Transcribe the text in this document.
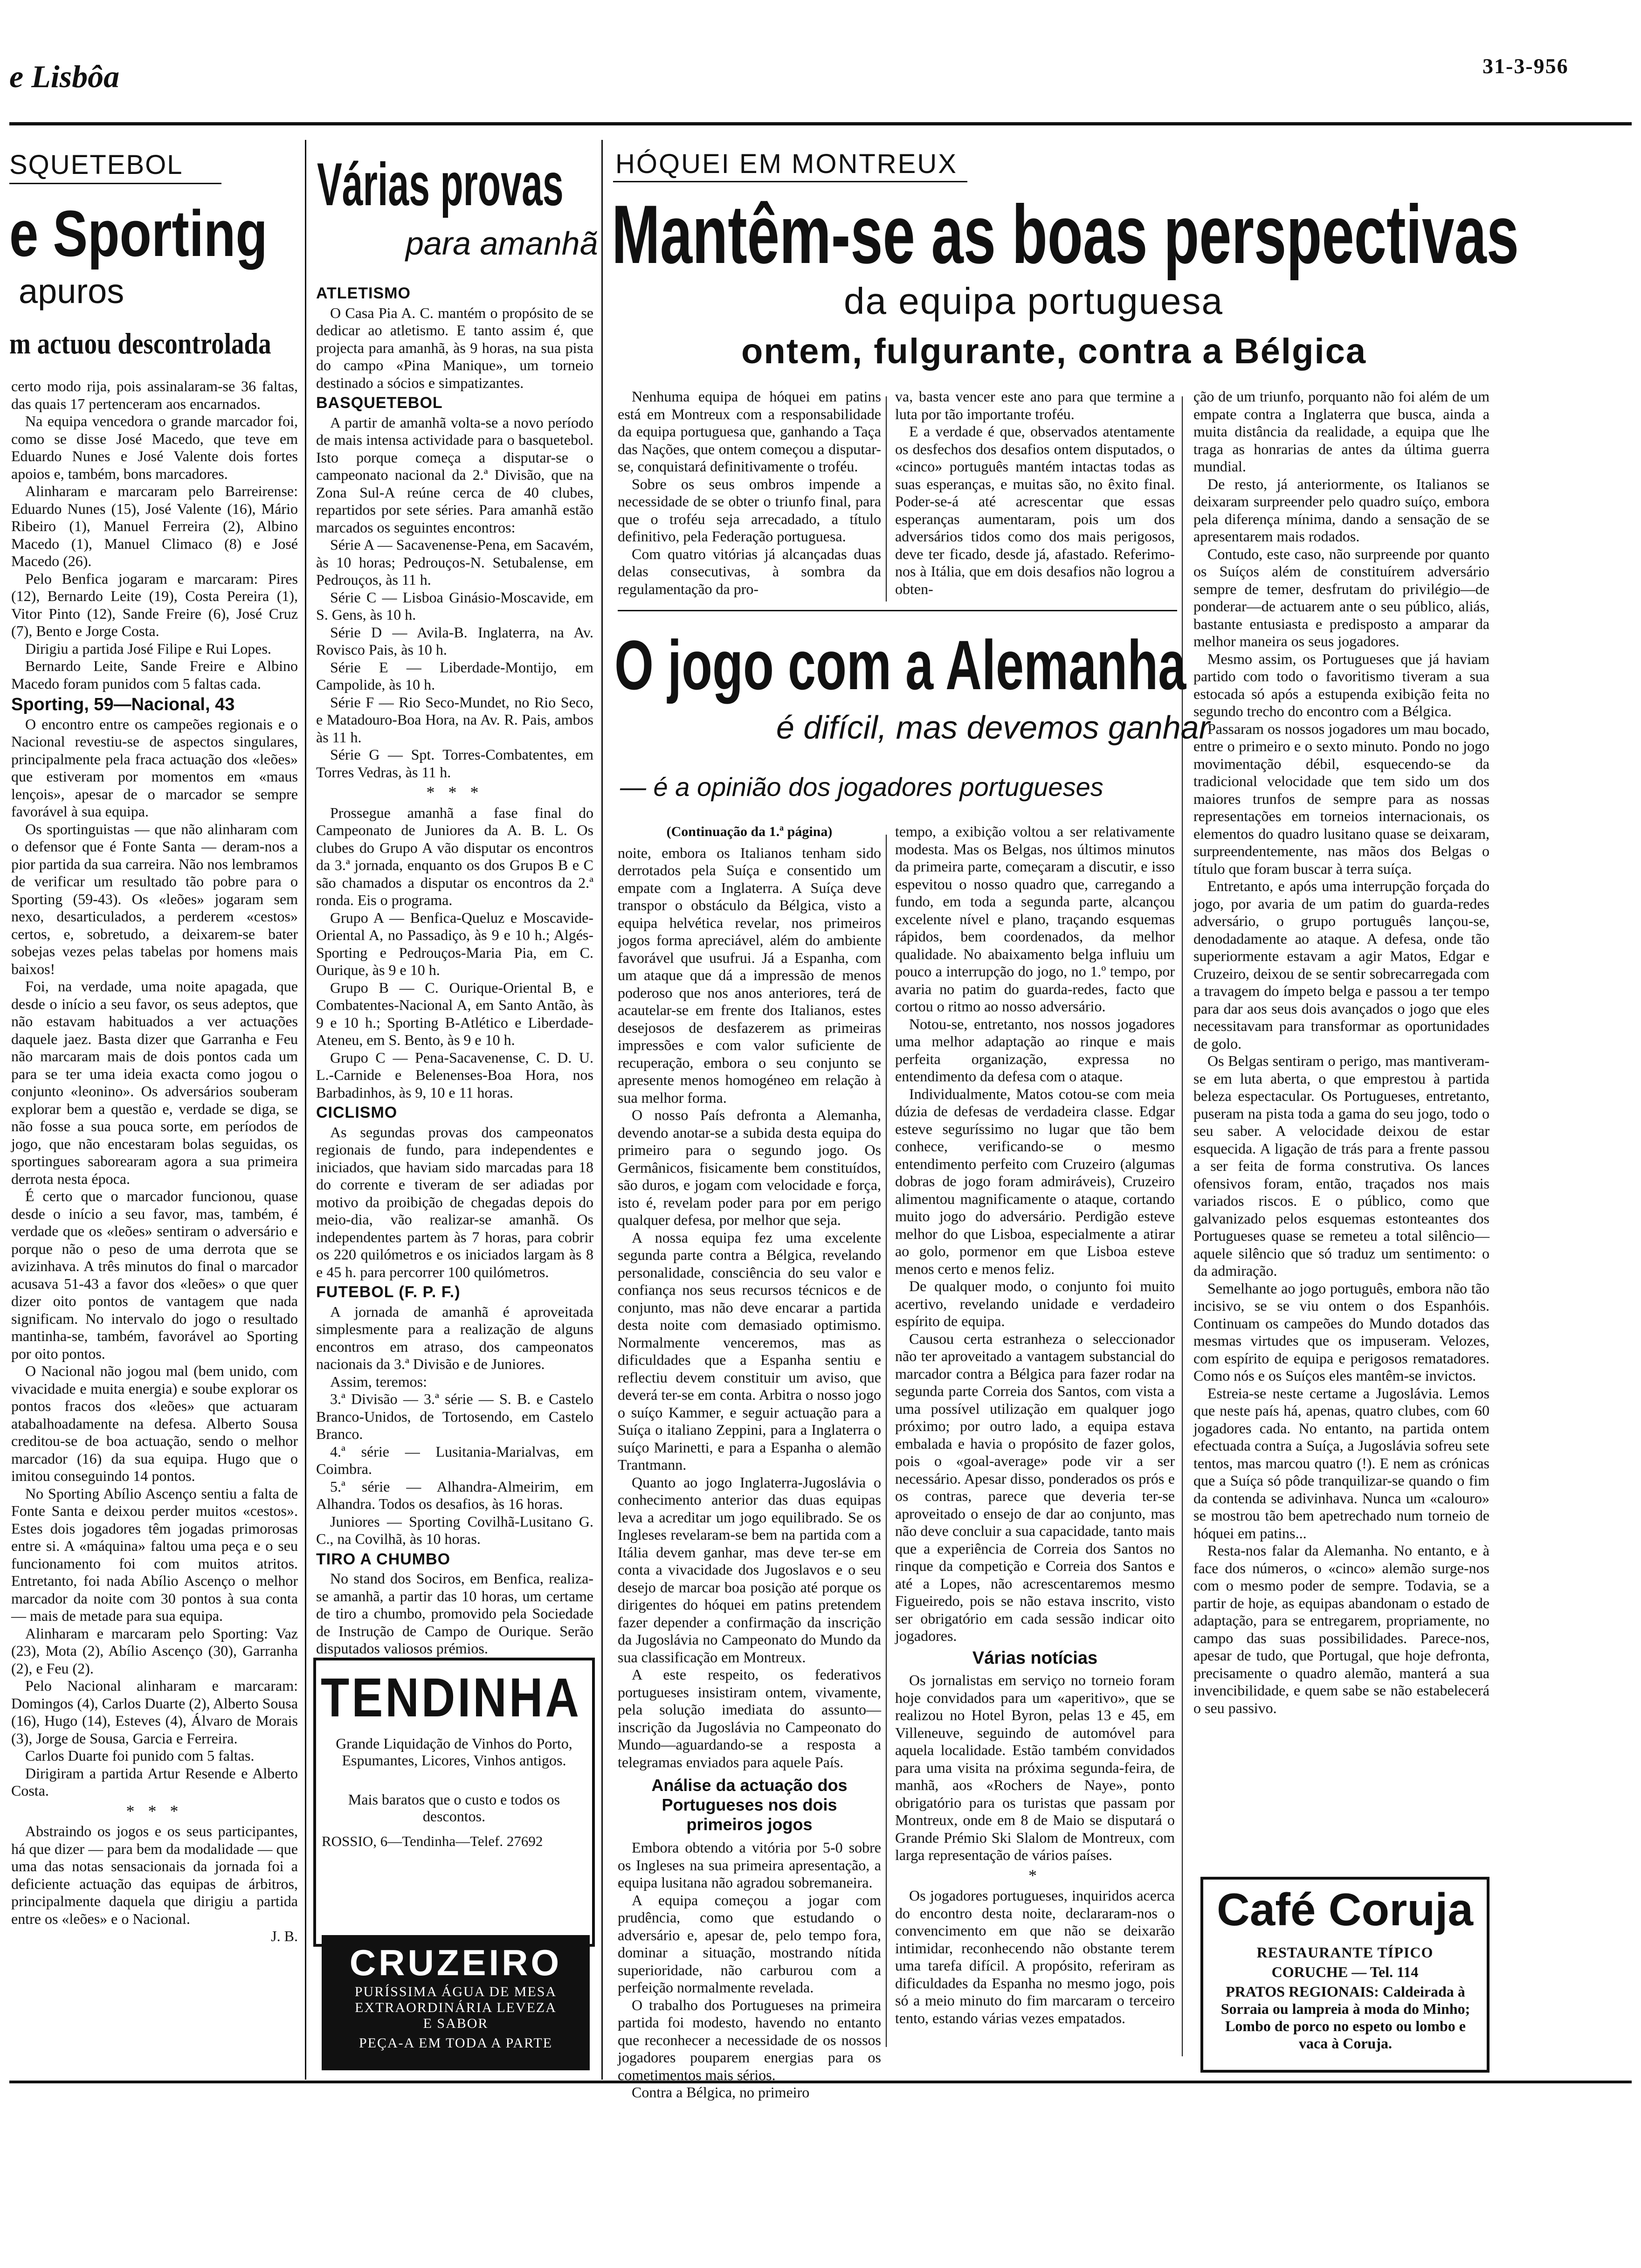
e Lisbôa	31-3-956
SQUETEBOL
e Sporting
apuros
m actuou descontrolada

certo modo rija, pois assinalaram-se 36 faltas, das quais 17 pertenceram aos encarnados.

Na equipa vencedora o grande marcador foi, como se disse José Macedo, que teve em Eduardo Nunes e José Valente dois fortes apoios e, também, bons marcadores.

Alinharam e marcaram pelo Barreirense: Eduardo Nunes (15), José Valente (16), Mário Ribeiro (1), Manuel Ferreira (2), Albino Macedo (1), Manuel Climaco (8) e José Macedo (26).

Pelo Benfica jogaram e marcaram: Pires (12), Bernardo Leite (19), Costa Pereira (1), Vitor Pinto (12), Sande Freire (6), José Cruz (7), Bento e Jorge Costa.

Dirigiu a partida José Filipe e Rui Lopes.

Bernardo Leite, Sande Freire e Albino Macedo foram punidos com 5 faltas cada.

Sporting, 59—Nacional, 43

O encontro entre os campeões regionais e o Nacional revestiu-se de aspectos singulares, principalmente pela fraca actuação dos «leões» que estiveram por momentos em «maus lençois», apesar de o marcador se sempre favorável à sua equipa.

Os sportinguistas — que não alinharam com o defensor que é Fonte Santa — deram-nos a pior partida da sua carreira. Não nos lembramos de verificar um resultado tão pobre para o Sporting (59-43). Os «leões» jogaram sem nexo, desarticulados, a perderem «cestos» certos, e, sobretudo, a deixarem-se bater sobejas vezes pelas tabelas por homens mais baixos!

Foi, na verdade, uma noite apagada, que desde o início a seu favor, os seus adeptos, que não estavam habituados a ver actuações daquele jaez. Basta dizer que Garranha e Feu não marcaram mais de dois pontos cada um para se ter uma ideia exacta como jogou o conjunto «leonino». Os adversários souberam explorar bem a questão e, verdade se diga, se não fosse a sua pouca sorte, em períodos de jogo, que não encestaram bolas seguidas, os sportingues saborearam agora a sua primeira derrota nesta época.

É certo que o marcador funcionou, quase desde o início a seu favor, mas, também, é verdade que os «leões» sentiram o adversário e porque não o peso de uma derrota que se avizinhava. A três minutos do final o marcador acusava 51-43 a favor dos «leões» o que quer dizer oito pontos de vantagem que nada significam. No intervalo do jogo o resultado mantinha-se, também, favorável ao Sporting por oito pontos.

O Nacional não jogou mal (bem unido, com vivacidade e muita energia) e soube explorar os pontos fracos dos «leões» que actuaram atabalhoadamente na defesa. Alberto Sousa creditou-se de boa actuação, sendo o melhor marcador (16) da sua equipa. Hugo que o imitou conseguindo 14 pontos.

No Sporting Abílio Ascenço sentiu a falta de Fonte Santa e deixou perder muitos «cestos». Estes dois jogadores têm jogadas primorosas entre si. A «máquina» faltou uma peça e o seu funcionamento foi com muitos atritos. Entretanto, foi nada Abílio Ascenço o melhor marcador da noite com 30 pontos à sua conta — mais de metade para sua equipa.

Alinharam e marcaram pelo Sporting: Vaz (23), Mota (2), Abílio Ascenço (30), Garranha (2), e Feu (2).

Pelo Nacional alinharam e marcaram: Domingos (4), Carlos Duarte (2), Alberto Sousa (16), Hugo (14), Esteves (4), Álvaro de Morais (3), Jorge de Sousa, Garcia e Ferreira.

Carlos Duarte foi punido com 5 faltas.

Dirigiram a partida Artur Resende e Alberto Costa.

* * *

Abstraindo os jogos e os seus participantes, há que dizer — para bem da modalidade — que uma das notas sensacionais da jornada foi a deficiente actuação das equipas de árbitros, principalmente daquela que dirigiu a partida entre os «leões» e o Nacional.

J. B.
Várias provas
para amanhã
ATLETISMO

O Casa Pia A. C. mantém o propósito de se dedicar ao atletismo. E tanto assim é, que projecta para amanhã, às 9 horas, na sua pista do campo «Pina Manique», um torneio destinado a sócios e simpatizantes.

BASQUETEBOL

A partir de amanhã volta-se a novo período de mais intensa actividade para o basquetebol. Isto porque começa a disputar-se o campeonato nacional da 2.ª Divisão, que na Zona Sul-A reúne cerca de 40 clubes, repartidos por sete séries. Para amanhã estão marcados os seguintes encontros:

Série A — Sacavenense-Pena, em Sacavém, às 10 horas; Pedrouços-N. Setubalense, em Pedrouços, às 11 h.

Série C — Lisboa Ginásio-Moscavide, em S. Gens, às 10 h.

Série D — Avila-B. Inglaterra, na Av. Rovisco Pais, às 10 h.

Série E — Liberdade-Montijo, em Campolide, às 10 h.

Série F — Rio Seco-Mundet, no Rio Seco, e Matadouro-Boa Hora, na Av. R. Pais, ambos às 11 h.

Série G — Spt. Torres-Combatentes, em Torres Vedras, às 11 h.

* * *

Prossegue amanhã a fase final do Campeonato de Juniores da A. B. L. Os clubes do Grupo A vão disputar os encontros da 3.ª jornada, enquanto os dos Grupos B e C são chamados a disputar os encontros da 2.ª ronda. Eis o programa.

Grupo A — Benfica-Queluz e Moscavide-Oriental A, no Passadiço, às 9 e 10 h.; Algés-Sporting e Pedrouços-Maria Pia, em C. Ourique, às 9 e 10 h.

Grupo B — C. Ourique-Oriental B, e Combatentes-Nacional A, em Santo Antão, às 9 e 10 h.; Sporting B-Atlético e Liberdade-Ateneu, em S. Bento, às 9 e 10 h.

Grupo C — Pena-Sacavenense, C. D. U. L.-Carnide e Belenenses-Boa Hora, nos Barbadinhos, às 9, 10 e 11 horas.

CICLISMO

As segundas provas dos campeonatos regionais de fundo, para independentes e iniciados, que haviam sido marcadas para 18 do corrente e tiveram de ser adiadas por motivo da proibição de chegadas depois do meio-dia, vão realizar-se amanhã. Os independentes partem às 7 horas, para cobrir os 220 quilómetros e os iniciados largam às 8 e 45 h. para percorrer 100 quilómetros.

FUTEBOL (F. P. F.)

A jornada de amanhã é aproveitada simplesmente para a realização de alguns encontros em atraso, dos campeonatos nacionais da 3.ª Divisão e de Juniores.

Assim, teremos:

3.ª Divisão — 3.ª série — S. B. e Castelo Branco-Unidos, de Tortosendo, em Castelo Branco.

4.ª série — Lusitania-Marialvas, em Coimbra.

5.ª série — Alhandra-Almeirim, em Alhandra. Todos os desafios, às 16 horas.

Juniores — Sporting Covilhã-Lusitano G. C., na Covilhã, às 10 horas.

TIRO A CHUMBO

No stand dos Sociros, em Benfica, realiza-se amanhã, a partir das 10 horas, um certame de tiro a chumbo, promovido pela Sociedade de Instrução de Campo de Ourique. Serão disputados valiosos prémios.

TENDINHA
Grande Liquidação de Vinhos do Porto, Espumantes, Licores, Vinhos antigos.
Mais baratos que o custo e todos os descontos.
ROSSIO, 6—Tendinha—Telef. 27692
CRUZEIRO
PURÍSSIMA ÁGUA DE MESA
EXTRAORDINÁRIA LEVEZA
E SABOR
PEÇA-A EM TODA A PARTE
HÓQUEI EM MONTREUX
Mantêm-se as boas perspectivas
da equipa portuguesa
ontem, fulgurante, contra a Bélgica

Nenhuma equipa de hóquei em patins está em Montreux com a responsabilidade da equipa portuguesa que, ganhando a Taça das Nações, que ontem começou a disputar-se, conquistará definitivamente o troféu.

Sobre os seus ombros impende a necessidade de se obter o triunfo final, para que o troféu seja arrecadado, a título definitivo, pela Federação portuguesa.

Com quatro vitórias já alcançadas duas delas consecutivas, à sombra da regulamentação da pro-

va, basta vencer este ano para que termine a luta por tão importante troféu.

E a verdade é que, observados atentamente os desfechos dos desafios ontem disputados, o «cinco» português mantém intactas todas as suas esperanças, e muitas são, no êxito final. Poder-se-á até acrescentar que essas esperanças aumentaram, pois um dos adversários tidos como dos mais perigosos, deve ter ficado, desde já, afastado. Referimo-nos à Itália, que em dois desafios não logrou a obten-

ção de um triunfo, porquanto não foi além de um empate contra a Inglaterra que busca, ainda a muita distância da realidade, a equipa que lhe traga as honrarias de antes da última guerra mundial.

De resto, já anteriormente, os Italianos se deixaram surpreender pelo quadro suíço, embora pela diferença mínima, dando a sensação de se apresentarem mais rodados.

Contudo, este caso, não surpreende por quanto os Suíços além de constituírem adversário sempre de temer, desfrutam do privilégio—de ponderar—de actuarem ante o seu público, aliás, bastante entusiasta e predisposto a amparar da melhor maneira os seus jogadores.

Mesmo assim, os Portugueses que já haviam partido com todo o favoritismo tiveram a sua estocada só após a estupenda exibição feita no segundo trecho do encontro com a Bélgica.

Passaram os nossos jogadores um mau bocado, entre o primeiro e o sexto minuto. Pondo no jogo movimentação débil, esquecendo-se da tradicional velocidade que tem sido um dos maiores trunfos de sempre para as nossas representações em torneios internacionais, os elementos do quadro lusitano quase se deixaram, surpreendentemente, nas mãos dos Belgas o título que foram buscar à terra suíça.

Entretanto, e após uma interrupção forçada do jogo, por avaria de um patim do guarda-redes adversário, o grupo português lançou-se, denodadamente ao ataque. A defesa, onde tão superiormente estavam a agir Matos, Edgar e Cruzeiro, deixou de se sentir sobrecarregada com a travagem do ímpeto belga e passou a ter tempo para dar aos seus dois avançados o jogo que eles necessitavam para transformar as oportunidades de golo.

Os Belgas sentiram o perigo, mas mantiveram-se em luta aberta, o que emprestou à partida beleza espectacular. Os Portugueses, entretanto, puseram na pista toda a gama do seu jogo, todo o seu saber. A velocidade deixou de estar esquecida. A ligação de trás para a frente passou a ser feita de forma construtiva. Os lances ofensivos foram, então, traçados nos mais variados riscos. E o público, como que galvanizado pelos esquemas estonteantes dos Portugueses quase se remeteu a total silêncio—aquele silêncio que só traduz um sentimento: o da admiração.

Semelhante ao jogo português, embora não tão incisivo, se se viu ontem o dos Espanhóis. Continuam os campeões do Mundo dotados das mesmas virtudes que os impuseram. Velozes, com espírito de equipa e perigosos rematadores. Como nós e os Suíços eles mantêm-se invictos.

Estreia-se neste certame a Jugoslávia. Lemos que neste país há, apenas, quatro clubes, com 60 jogadores cada. No entanto, na partida ontem efectuada contra a Suíça, a Jugoslávia sofreu sete tentos, mas marcou quatro (!). E nem as crónicas que a Suíça só pôde tranquilizar-se quando o fim da contenda se adivinhava. Nunca um «calouro» se mostrou tão bem apetrechado num torneio de hóquei em patins...

Resta-nos falar da Alemanha. No entanto, e à face dos números, o «cinco» alemão surge-nos com o mesmo poder de sempre. Todavia, se a partir de hoje, as equipas abandonam o estado de adaptação, para se entregarem, propriamente, no campo das suas possibilidades. Parece-nos, apesar de tudo, que Portugal, que hoje defronta, precisamente o quadro alemão, manterá a sua invencibilidade, e quem sabe se não estabelecerá o seu passivo.

O jogo com a Alemanha
é difícil, mas devemos ganhar
— é a opinião dos jogadores portugueses
(Continuação da 1.ª página)

noite, embora os Italianos tenham sido derrotados pela Suíça e consentido um empate com a Inglaterra. A Suíça deve transpor o obstáculo da Bélgica, visto a equipa helvética revelar, nos primeiros jogos forma apreciável, além do ambiente favorável que usufrui. Já a Espanha, com um ataque que dá a impressão de menos poderoso que nos anos anteriores, terá de acautelar-se em frente dos Italianos, estes desejosos de desfazerem as primeiras impressões e com valor suficiente de recuperação, embora o seu conjunto se apresente menos homogéneo em relação à sua melhor forma.

O nosso País defronta a Alemanha, devendo anotar-se a subida desta equipa do primeiro para o segundo jogo. Os Germânicos, fisicamente bem constituídos, são duros, e jogam com velocidade e força, isto é, revelam poder para por em perigo qualquer defesa, por melhor que seja.

A nossa equipa fez uma excelente segunda parte contra a Bélgica, revelando personalidade, consciência do seu valor e confiança nos seus recursos técnicos e de conjunto, mas não deve encarar a partida desta noite com demasiado optimismo. Normalmente venceremos, mas as dificuldades que a Espanha sentiu e reflectiu devem constituir um aviso, que deverá ter-se em conta. Arbitra o nosso jogo o suíço Kammer, e seguir actuação para a Suíça o italiano Zeppini, para a Inglaterra o suíço Marinetti, e para a Espanha o alemão Trantmann.

Quanto ao jogo Inglaterra-Jugoslávia o conhecimento anterior das duas equipas leva a acreditar um jogo equilibrado. Se os Ingleses revelaram-se bem na partida com a Itália devem ganhar, mas deve ter-se em conta a vivacidade dos Jugoslavos e o seu desejo de marcar boa posição até porque os dirigentes do hóquei em patins pretendem fazer depender a confirmação da inscrição da Jugoslávia no Campeonato do Mundo da sua classificação em Montreux.

A este respeito, os federativos portugueses insistiram ontem, vivamente, pela solução imediata do assunto—inscrição da Jugoslávia no Campeonato do Mundo—aguardando-se a resposta a telegramas enviados para aquele País.

Análise da actuação dos Portugueses nos dois primeiros jogos

Embora obtendo a vitória por 5-0 sobre os Ingleses na sua primeira apresentação, a equipa lusitana não agradou sobremaneira.

A equipa começou a jogar com prudência, como que estudando o adversário e, apesar de, pelo tempo fora, dominar a situação, mostrando nítida superioridade, não carburou com a perfeição normalmente revelada.

O trabalho dos Portugueses na primeira partida foi modesto, havendo no entanto que reconhecer a necessidade de os nossos jogadores pouparem energias para os cometimentos mais sérios.

Contra a Bélgica, no primeiro

tempo, a exibição voltou a ser relativamente modesta. Mas os Belgas, nos últimos minutos da primeira parte, começaram a discutir, e isso espevitou o nosso quadro que, carregando a fundo, em toda a segunda parte, alcançou excelente nível e plano, traçando esquemas rápidos, bem coordenados, da melhor qualidade. No abaixamento belga influiu um pouco a interrupção do jogo, no 1.º tempo, por avaria no patim do guarda-redes, facto que cortou o ritmo ao nosso adversário.

Notou-se, entretanto, nos nossos jogadores uma melhor adaptação ao rinque e mais perfeita organização, expressa no entendimento da defesa com o ataque.

Individualmente, Matos cotou-se com meia dúzia de defesas de verdadeira classe. Edgar esteve seguríssimo no lugar que tão bem conhece, verificando-se o mesmo entendimento perfeito com Cruzeiro (algumas dobras de jogo foram admiráveis), Cruzeiro alimentou magnificamente o ataque, cortando muito jogo do adversário. Perdigão esteve melhor do que Lisboa, especialmente a atirar ao golo, pormenor em que Lisboa esteve menos certo e menos feliz.

De qualquer modo, o conjunto foi muito acertivo, revelando unidade e verdadeiro espírito de equipa.

Causou certa estranheza o seleccionador não ter aproveitado a vantagem substancial do marcador contra a Bélgica para fazer rodar na segunda parte Correia dos Santos, com vista a uma possível utilização em qualquer jogo próximo; por outro lado, a equipa estava embalada e havia o propósito de fazer golos, pois o «goal-average» pode vir a ser necessário. Apesar disso, ponderados os prós e os contras, parece que deveria ter-se aproveitado o ensejo de dar ao conjunto, mas não deve concluir a sua capacidade, tanto mais que a experiência de Correia dos Santos no rinque da competição e Correia dos Santos e até a Lopes, não acrescentaremos mesmo Figueiredo, pois se não estava inscrito, visto ser obrigatório em cada sessão indicar oito jogadores.

Várias notícias

Os jornalistas em serviço no torneio foram hoje convidados para um «aperitivo», que se realizou no Hotel Byron, pelas 13 e 45, em Villeneuve, seguindo de automóvel para aquela localidade. Estão também convidados para uma visita na próxima segunda-feira, de manhã, aos «Rochers de Naye», ponto obrigatório para os turistas que passam por Montreux, onde em 8 de Maio se disputará o Grande Prémio Ski Slalom de Montreux, com larga representação de vários países.

*

Os jogadores portugueses, inquiridos acerca do encontro desta noite, declararam-nos o convencimento em que não se deixarão intimidar, reconhecendo não obstante terem uma tarefa difícil. A propósito, referiram as dificuldades da Espanha no mesmo jogo, pois só a meio minuto do fim marcaram o terceiro tento, estando várias vezes empatados.

Café Coruja
RESTAURANTE TÍPICO
CORUCHE — Tel. 114
PRATOS REGIONAIS: Caldeirada à Sorraia ou lampreia à moda do Minho; Lombo de porco no espeto ou lombo e vaca à Coruja.
